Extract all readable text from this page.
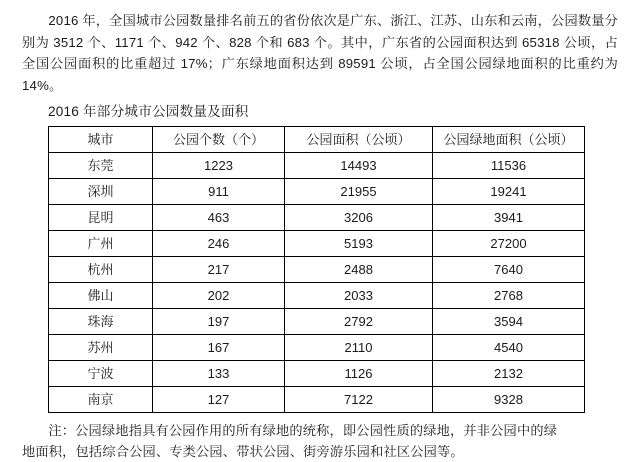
2016 年，全国城市公园数量排名前五的省份依次是广东、浙江、江苏、山东和云南，公园数量分别为 3512 个、1171 个、942 个、828 个和 683 个。其中，广东省的公园面积达到 65318 公顷，占全国公园面积的比重超过 17%；广东绿地面积达到 89591 公顷，占全国公园绿地面积的比重约为 14%。

2016 年部分城市公园数量及面积
城市	公园个数（个）	公园面积（公顷）	公园绿地面积（公顷）
东莞	1223	14493	11536
深圳	911	21955	19241
昆明	463	3206	3941
广州	246	5193	27200
杭州	217	2488	7640
佛山	202	2033	2768
珠海	197	2792	3594
苏州	167	2110	4540
宁波	133	1126	2132
南京	127	7122	9328
注：公园绿地指具有公园作用的所有绿地的统称，即公园性质的绿地，并非公园中的绿
地面积，包括综合公园、专类公园、带状公园、街旁游乐园和社区公园等。
